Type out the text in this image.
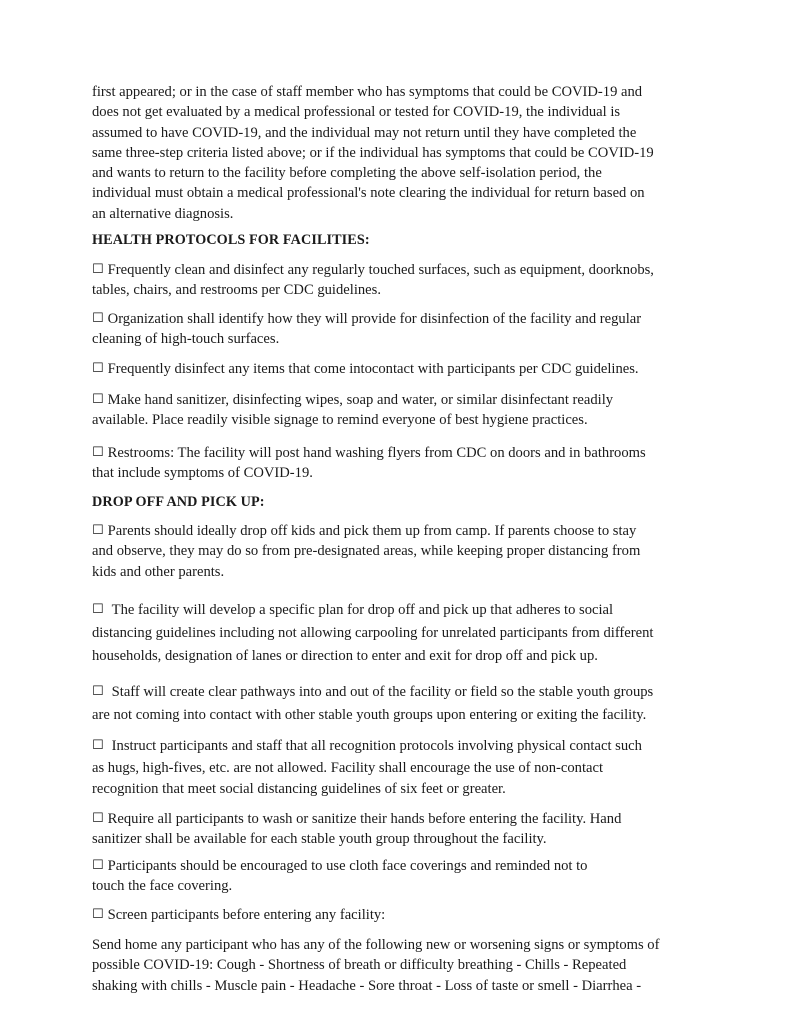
first appeared; or in the case of staff member who has symptoms that could be COVID-19 and
does not get evaluated by a medical professional or tested for COVID-19, the individual is
assumed to have COVID-19, and the individual may not return until they have completed the
same three-step criteria listed above; or if the individual has symptoms that could be COVID-19
and wants to return to the facility before completing the above self-isolation period, the
individual must obtain a medical professional's note clearing the individual for return based on
an alternative diagnosis.

HEALTH PROTOCOLS FOR FACILITIES:

☐ Frequently clean and disinfect any regularly touched surfaces, such as equipment, doorknobs,
tables, chairs, and restrooms per CDC guidelines.

☐ Organization shall identify how they will provide for disinfection of the facility and regular
cleaning of high-touch surfaces.

☐ Frequently disinfect any items that come intocontact with participants per CDC guidelines.

☐ Make hand sanitizer, disinfecting wipes, soap and water, or similar disinfectant readily
available. Place readily visible signage to remind everyone of best hygiene practices.

☐ Restrooms: The facility will post hand washing flyers from CDC on doors and in bathrooms
that include symptoms of COVID-19.

DROP OFF AND PICK UP:

☐ Parents should ideally drop off kids and pick them up from camp. If parents choose to stay
and observe, they may do so from pre-designated areas, while keeping proper distancing from
kids and other parents.

☐ The facility will develop a specific plan for drop off and pick up that adheres to social
distancing guidelines including not allowing carpooling for unrelated participants from different
households, designation of lanes or direction to enter and exit for drop off and pick up.

☐ Staff will create clear pathways into and out of the facility or field so the stable youth groups
are not coming into contact with other stable youth groups upon entering or exiting the facility.

☐ Instruct participants and staff that all recognition protocols involving physical contact such
as hugs, high-fives, etc. are not allowed. Facility shall encourage the use of non-contact
recognition that meet social distancing guidelines of six feet or greater.

☐ Require all participants to wash or sanitize their hands before entering the facility. Hand
sanitizer shall be available for each stable youth group throughout the facility.

☐ Participants should be encouraged to use cloth face coverings and reminded not to
touch the face covering.

☐ Screen participants before entering any facility:

Send home any participant who has any of the following new or worsening signs or symptoms of
possible COVID-19: Cough - Shortness of breath or difficulty breathing - Chills - Repeated
shaking with chills - Muscle pain - Headache - Sore throat - Loss of taste or smell - Diarrhea -
